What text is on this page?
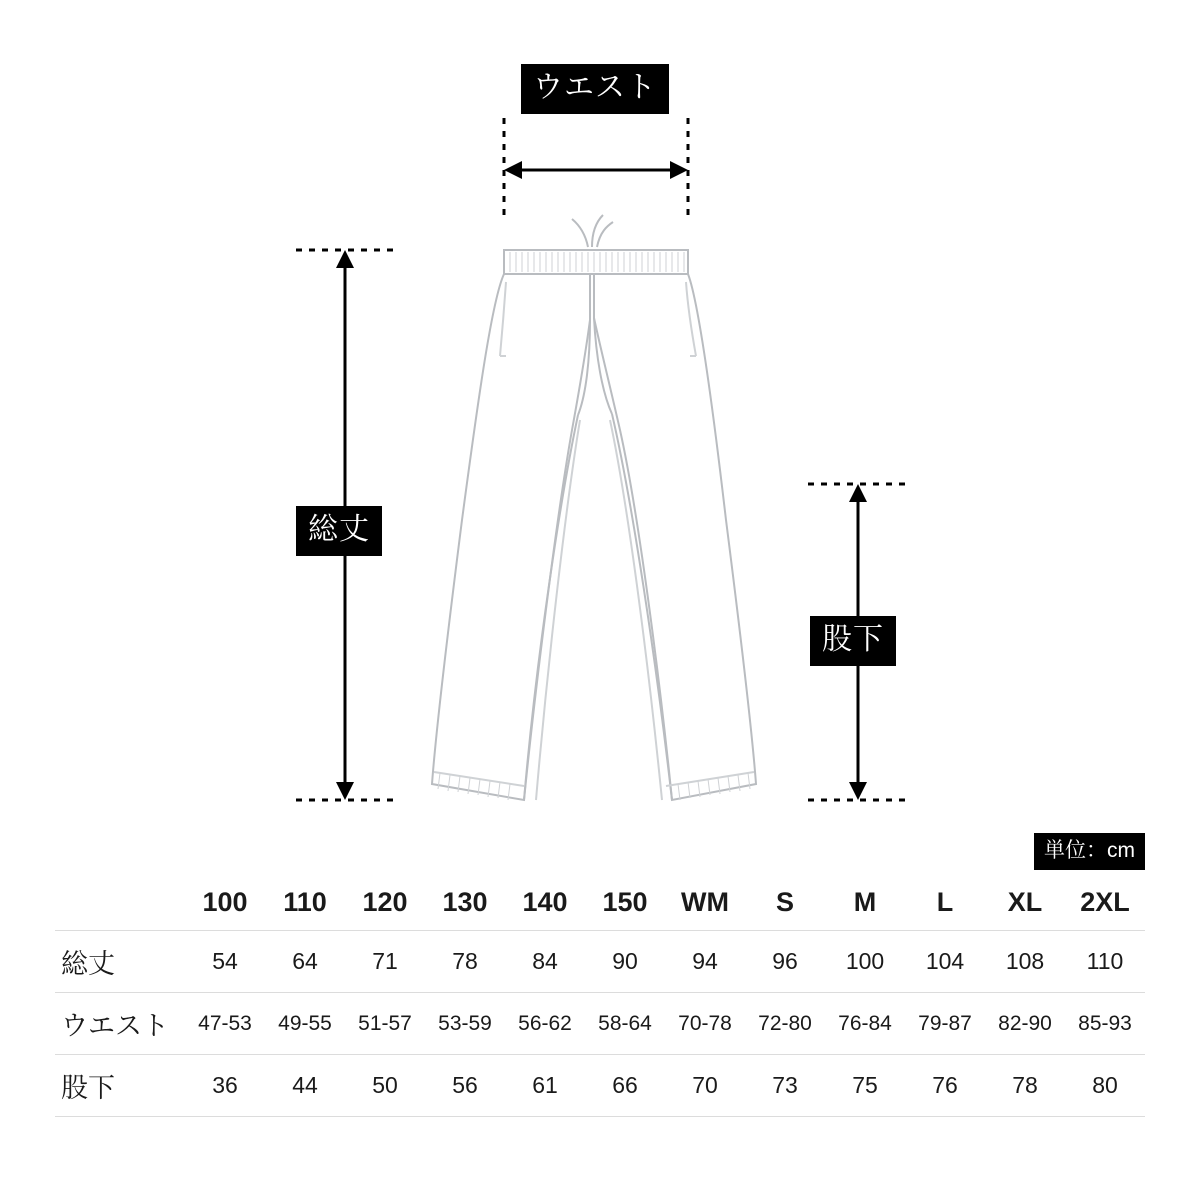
ウエスト
総丈
股下
単位：cm
	100	110	120	130	140	150	WM	S	M	L	XL	2XL
総丈	54	64	71	78	84	90	94	96	100	104	108	110
ウエスト	47-53	49-55	51-57	53-59	56-62	58-64	70-78	72-80	76-84	79-87	82-90	85-93
股下	36	44	50	56	61	66	70	73	75	76	78	80
